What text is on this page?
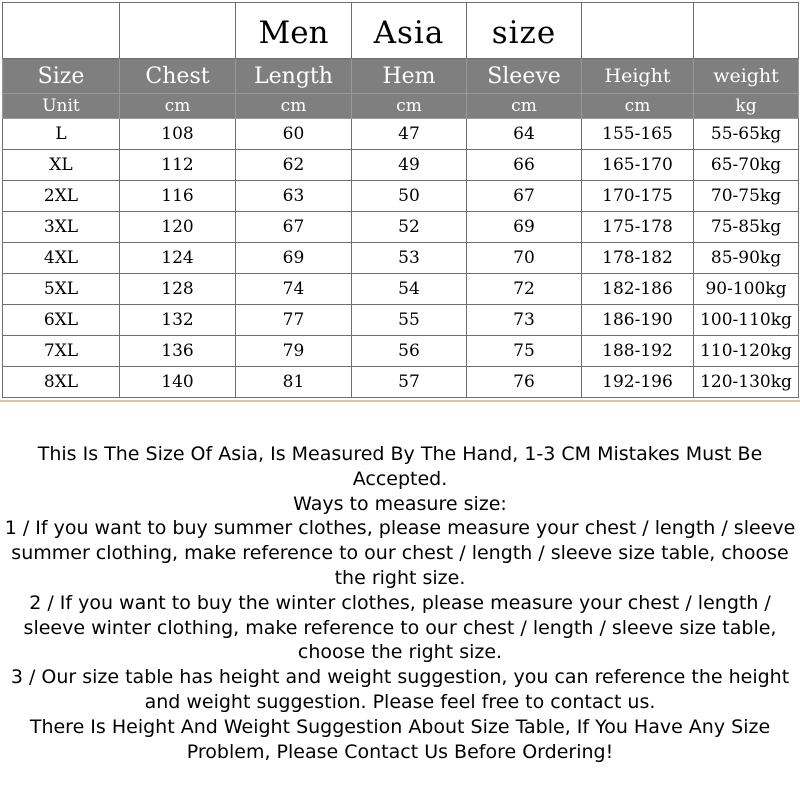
		Men	Asia	size		
Size	Chest	Length	Hem	Sleeve	Height	weight
Unit	cm	cm	cm	cm	cm	kg
L	108	60	47	64	155-165	55-65kg
XL	112	62	49	66	165-170	65-70kg
2XL	116	63	50	67	170-175	70-75kg
3XL	120	67	52	69	175-178	75-85kg
4XL	124	69	53	70	178-182	85-90kg
5XL	128	74	54	72	182-186	90-100kg
6XL	132	77	55	73	186-190	100-110kg
7XL	136	79	56	75	188-192	110-120kg
8XL	140	81	57	76	192-196	120-130kg
This Is The Size Of Asia, Is Measured By The Hand, 1-3 CM Mistakes Must Be Accepted.
Ways to measure size:
1 / If you want to buy summer clothes, please measure your chest / length / sleeve summer clothing, make reference to our chest / length / sleeve size table, choose the right size.
2 / If you want to buy the winter clothes, please measure your chest / length / sleeve winter clothing, make reference to our chest / length / sleeve size table, choose the right size.
3 / Our size table has height and weight suggestion, you can reference the height and weight suggestion. Please feel free to contact us.
There Is Height And Weight Suggestion About Size Table, If You Have Any Size Problem, Please Contact Us Before Ordering!
